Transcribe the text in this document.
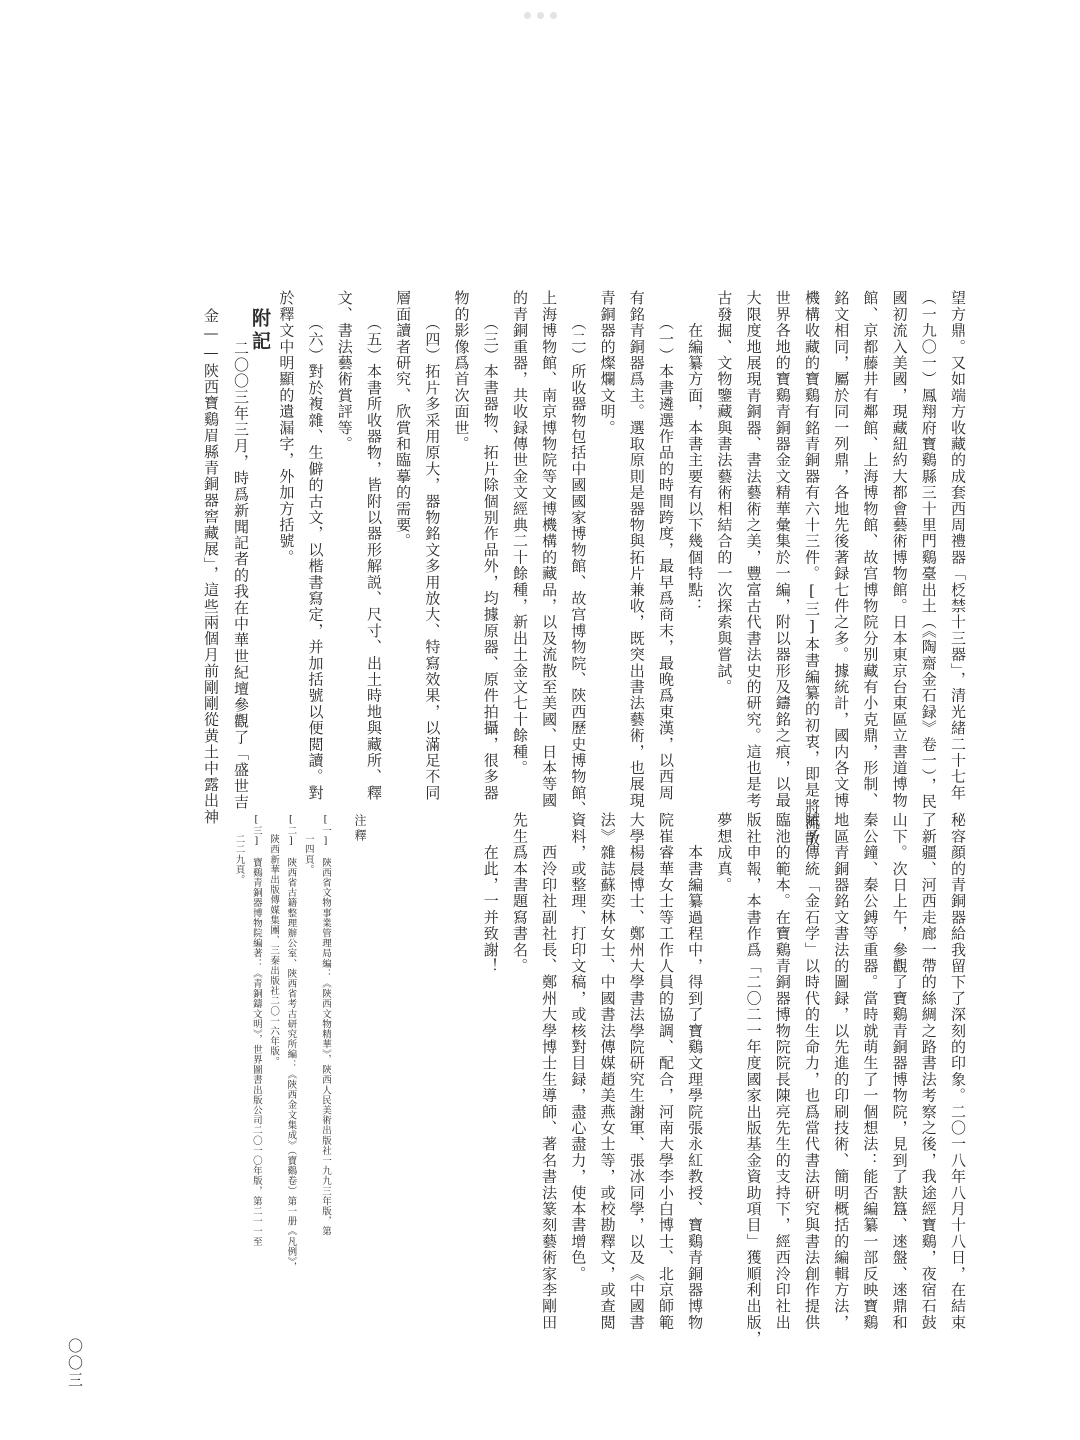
望方鼎。又如端方收藏的成套西周禮器「柉禁十三器」，清光緒二十七年
（一九〇一）鳳翔府寶鷄縣三十里門鷄臺出土（《陶齋金石録》卷一），民
國初流入美國，現藏紐約大都會藝術博物館。日本東京台東區立書道博物
館、京都藤井有鄰館、上海博物館、故宫博物院分别藏有小克鼎，形制、
銘文相同，屬於同一列鼎，各地先後著録七件之多。據統計，國内各文博
機構收藏的寶鷄有銘青銅器有六十三件。[三]本書編纂的初衷，即是將流散
世界各地的寶鷄青銅器金文精華彙集於一編，附以器形及鑄銘之痕，以最
大限度地展現青銅器、書法藝術之美，豐富古代書法史的研究。這也是考
古發掘、文物鑒藏與書法藝術相結合的一次探索與嘗試。
　　在編纂方面，本書主要有以下幾個特點：
　　（一）本書遴選作品的時間跨度，最早爲商末，最晚爲東漢，以西周
有銘青銅器爲主。選取原則是器物與拓片兼收，既突出書法藝術，也展現
青銅器的燦爛文明。
　　（二）所收器物包括中國國家博物館、故宫博物院、陝西歷史博物館、
上海博物館、南京博物院等文博機構的藏品，以及流散至美國、日本等國
的青銅重器，共收録傳世金文經典二十餘種，新出土金文七十餘種。
　　（三）本書器物、拓片除個别作品外，均據原器、原件拍攝，很多器
物的影像爲首次面世。
　　（四）拓片多采用原大，器物銘文多用放大、特寫效果，以滿足不同
層面讀者研究、欣賞和臨摹的需要。
　　（五）本書所收器物，皆附以器形解説、尺寸、出土時地與藏所、釋
文、書法藝術賞評等。
　　（六）對於複雜、生僻的古文，以楷書寫定，并加括號以便閲讀。對
於釋文中明顯的遺漏字，外加方括號。

附記

　　二〇〇三年三月，時爲新聞記者的我在中華世紀壇參觀了「盛世吉
金——陝西寶鷄眉縣青銅器窖藏展」，這些兩個月前剛剛從黄土中露出神

秘容顔的青銅器給我留下了深刻的印象。二〇一八年八月十八日，在結束
了新疆、河西走廊一帶的絲綢之路書法考察之後，我途經寶鷄，夜宿石鼓
山下。次日上午，參觀了寶鷄青銅器博物院，見到了㝬簋、逨盤、逨鼎和
秦公鐘、秦公鎛等重器。當時就萌生了一個想法：能否編纂一部反映寶鷄
地區青銅器銘文書法的圖録，以先進的印刷技術、簡明概括的編輯方法，
賦予傳統「金石学」以時代的生命力，也爲當代書法研究與書法創作提供
臨池的範本。在寶鷄青銅器博物院院長陳亮先生的支持下，經西泠印社出
版社申報，本書作爲「二〇二一年度國家出版基金資助項目」獲順利出版，
夢想成真。
　　本書編纂過程中，得到了寶鷄文理學院張永紅教授、寶鷄青銅器博物
院崔睿華女士等工作人員的協調、配合，河南大學李小白博士、北京師範
大學楊晨博士、鄭州大學書法學院研究生謝軍、張冰同學，以及《中國書
法》雜誌蘇奕林女士、中國書法傳媒趙美燕女士等，或校勘釋文，或查閲
資料，或整理、打印文稿，或核對目録，盡心盡力，使本書增色。
　　西泠印社副社長、鄭州大學博士生導師、著名書法篆刻藝術家李剛田
先生爲本書題寫書名。
　　在此，一并致謝！

注釋

[一]　陝西省文物事業管理局編：《陝西文物精華》，陝西人民美術出版社一九九三年版，第
　　一四頁。
[二]　陝西省古籍整理辦公室、陝西省考古研究所編：《陝西金文集成》（寶鷄卷）第一册《凡例》，
　　陝西新華出版傳媒集團、三秦出版社二〇一六年版。
[三]　寶鷄青銅器博物院編著：《青銅鑄文明》，世界圖書出版公司二〇一〇年版，第二一一至
　　二二九頁。

〇〇三
